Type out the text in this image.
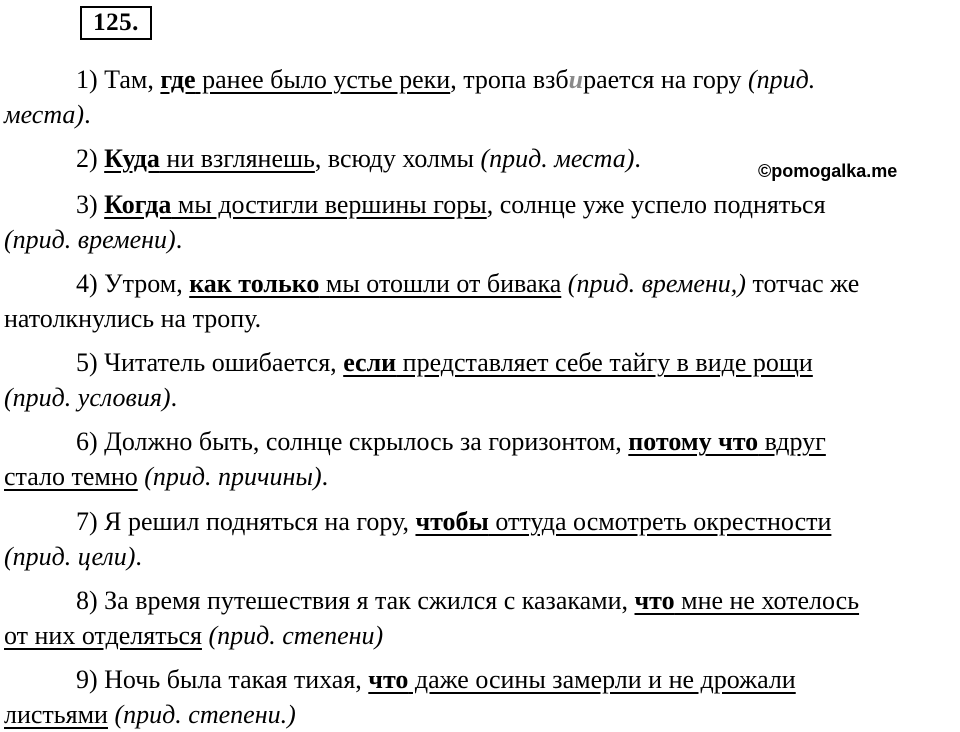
125.
©pomogalka.me
1) Там, где ранее было устье реки, тропа взбирается на гору (прид.
места).
2) Куда ни взглянешь, всюду холмы (прид. места).
3) Когда мы достигли вершины горы, солнце уже успело подняться
(прид. времени).
4) Утром, как только мы отошли от бивака (прид. времени,) тотчас же
натолкнулись на тропу.
5) Читатель ошибается, если представляет себе тайгу в виде рощи
(прид. условия).
6) Должно быть, солнце скрылось за горизонтом, потому что вдруг
стало темно (прид. причины).
7) Я решил подняться на гору, чтобы оттуда осмотреть окрестности
(прид. цели).
8) За время путешествия я так сжился с казаками, что мне не хотелось
от них отделяться (прид. степени)
9) Ночь была такая тихая, что даже осины замерли и не дрожали
листьями (прид. степени.)
